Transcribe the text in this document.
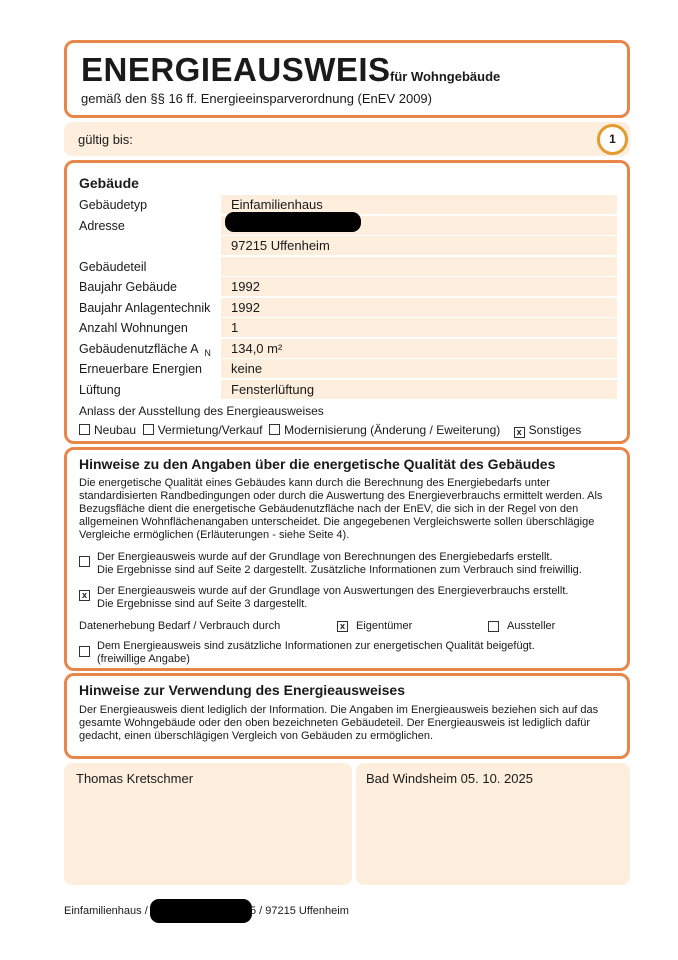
ENERGIEAUSWEIS für Wohngebäude
gemäß den §§ 16 ff. Energieeinsparverordnung (EnEV 2009)
gültig bis:	1
Gebäude
Gebäudetyp	Einfamilienhaus
Adresse
97215 Uffenheim
Gebäudeteil
Baujahr Gebäude	1992
Baujahr Anlagentechnik	1992
Anzahl Wohnungen	1
Gebäudenutzfläche A N	134,0 m²
Erneuerbare Energien	keine
Lüftung	Fensterlüftung
Anlass der Ausstellung des Energieausweises
Neubau Vermietung/Verkauf Modernisierung (Änderung / Eweiterung) x Sonstiges
Hinweise zu den Angaben über die energetische Qualität des Gebäudes
Die energetische Qualität eines Gebäudes kann durch die Berechnung des Energiebedarfs unter standardisierten Randbedingungen oder durch die Auswertung des Energieverbrauchs ermittelt werden. Als Bezugsfläche dient die energetische Gebäudenutzfläche nach der EnEV, die sich in der Regel von den allgemeinen Wohnflächenangaben unterscheidet. Die angegebenen Vergleichswerte sollen überschlägige Vergleiche ermöglichen (Erläuterungen - siehe Seite 4).
Der Energieausweis wurde auf der Grundlage von Berechnungen des Energiebedarfs erstellt.
Die Ergebnisse sind auf Seite 2 dargestellt. Zusätzliche Informationen zum Verbrauch sind freiwillig.
x Der Energieausweis wurde auf der Grundlage von Auswertungen des Energieverbrauchs erstellt.
Die Ergebnisse sind auf Seite 3 dargestellt.
Datenerhebung Bedarf / Verbrauch durch	x Eigentümer	Aussteller
Dem Energieausweis sind zusätzliche Informationen zur energetischen Qualität beigefügt.
(freiwillige Angabe)
Hinweise zur Verwendung des Energieausweises
Der Energieausweis dient lediglich der Information. Die Angaben im Energieausweis beziehen sich auf das gesamte Wohngebäude oder den oben bezeichneten Gebäudeteil. Der Energieausweis ist lediglich dafür gedacht, einen überschlägigen Vergleich von Gebäuden zu ermöglichen.
Thomas Kretschmer	Bad Windsheim 05. 10. 2025
Einfamilienhaus /	5 / 97215 Uffenheim
